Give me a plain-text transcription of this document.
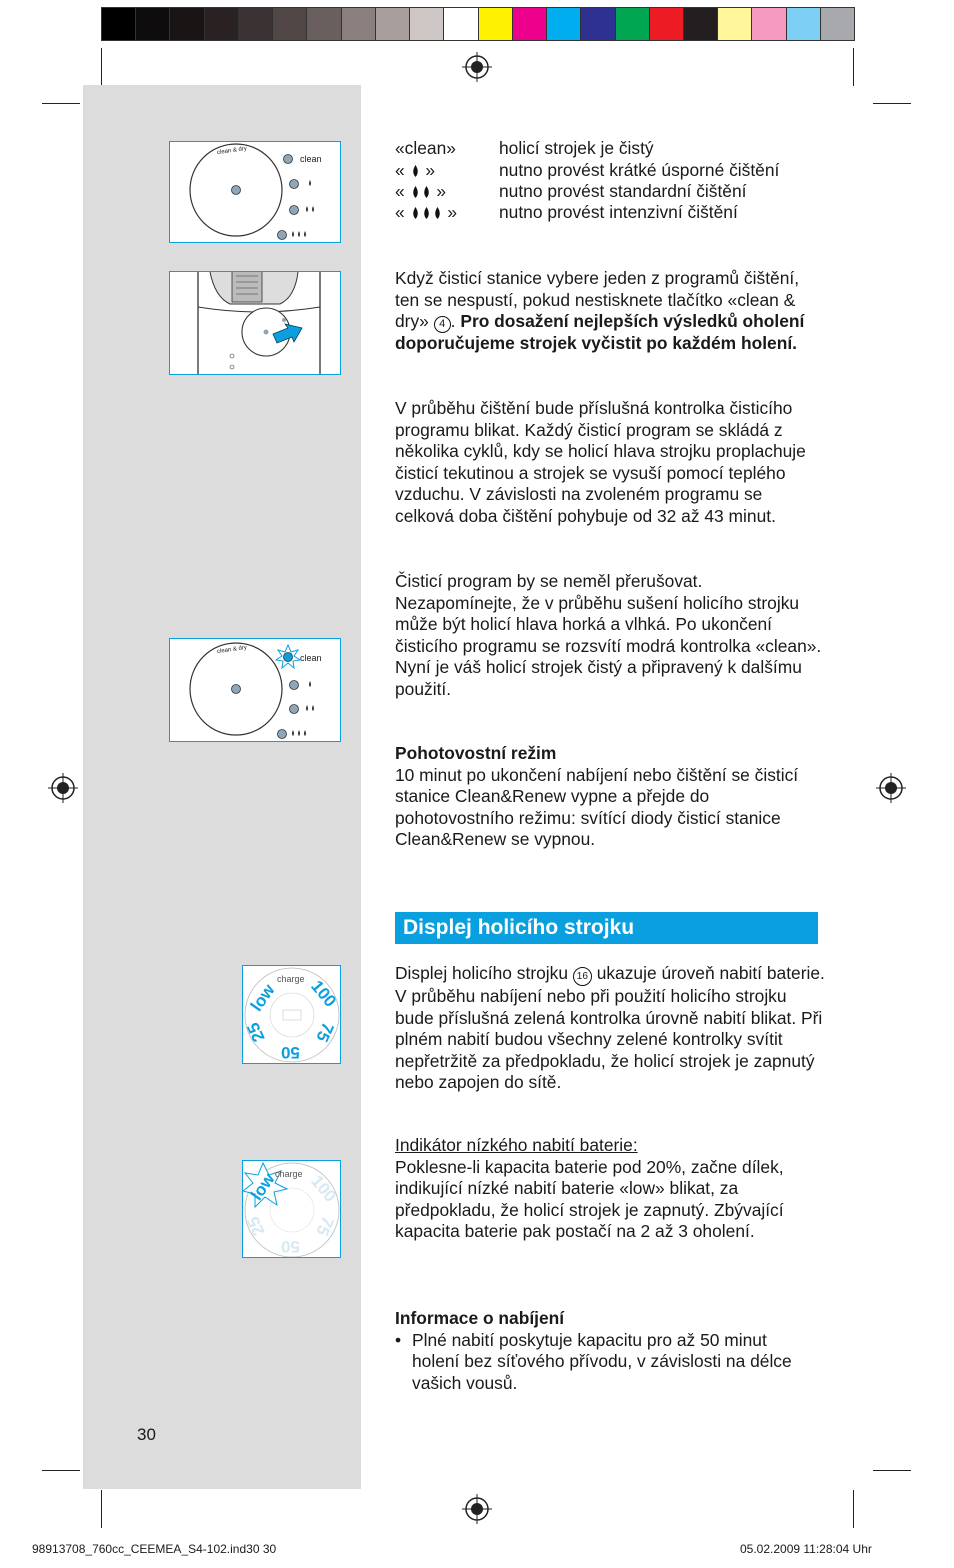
clean & dry
clean
clean & dry
clean
charge 100
75
50
25
low
charge 100
75
50
25
low
«clean» holicí strojek je čistý
«  »	nutno provést krátké úsporné čištění
«  »	nutno provést standardní čištění
«  » nutno provést intenzivní čištění

Když čisticí stanice vybere jeden z programů čištění, ten se nespustí, pokud nestisknete tlačítko «clean & dry» 4 . Pro dosažení nejlepších výsledků oholení doporučujeme strojek vyčistit po každém holení.

V průběhu čištění bude příslušná kontrolka čisticího programu blikat. Každý čisticí program se skládá z několika cyklů, kdy se holicí hlava strojku proplachuje čisticí tekutinou a strojek se vysuší pomocí teplého vzduchu. V závislosti na zvoleném programu se celková doba čištění pohybuje od 32 až 43 minut.

Čisticí program by se neměl přerušovat. Nezapomínejte, že v průběhu sušení holicího strojku může být holicí hlava horká a vlhká. Po ukončení čisticího programu se rozsvítí modrá kontrolka «clean». Nyní je váš holicí strojek čistý a připravený k dalšímu použití.

Pohotovostní režim

10 minut po ukončení nabíjení nebo čištění se čisticí stanice Clean&Renew vypne a přejde do pohotovostního režimu: svítící diody čisticí stanice Clean&Renew se vypnou.

Displej holicího strojku

Displej holicího strojku 16 ukazuje úroveň nabití baterie. V průběhu nabíjení nebo při použití holicího strojku bude příslušná zelená kontrolka úrovně nabití blikat. Při plném nabití budou všechny zelené kontrolky svítit nepřetržitě za předpokladu, že holicí strojek je zapnutý nebo zapojen do sítě.

Indikátor nízkého nabití baterie:

Poklesne-li kapacita baterie pod 20%, začne dílek, indikující nízké nabití baterie «low» blikat, za předpokladu, že holicí strojek je zapnutý. Zbývající kapacita baterie pak postačí na 2 až 3 oholení.

Informace o nabíjení

• Plné nabití poskytuje kapacitu pro až 50 minut holení bez síťového přívodu, v závislosti na délce vašich vousů.
30
98913708_760cc_CEEMEA_S4-102.ind30 30	05.02.2009 11:28:04 Uhr
